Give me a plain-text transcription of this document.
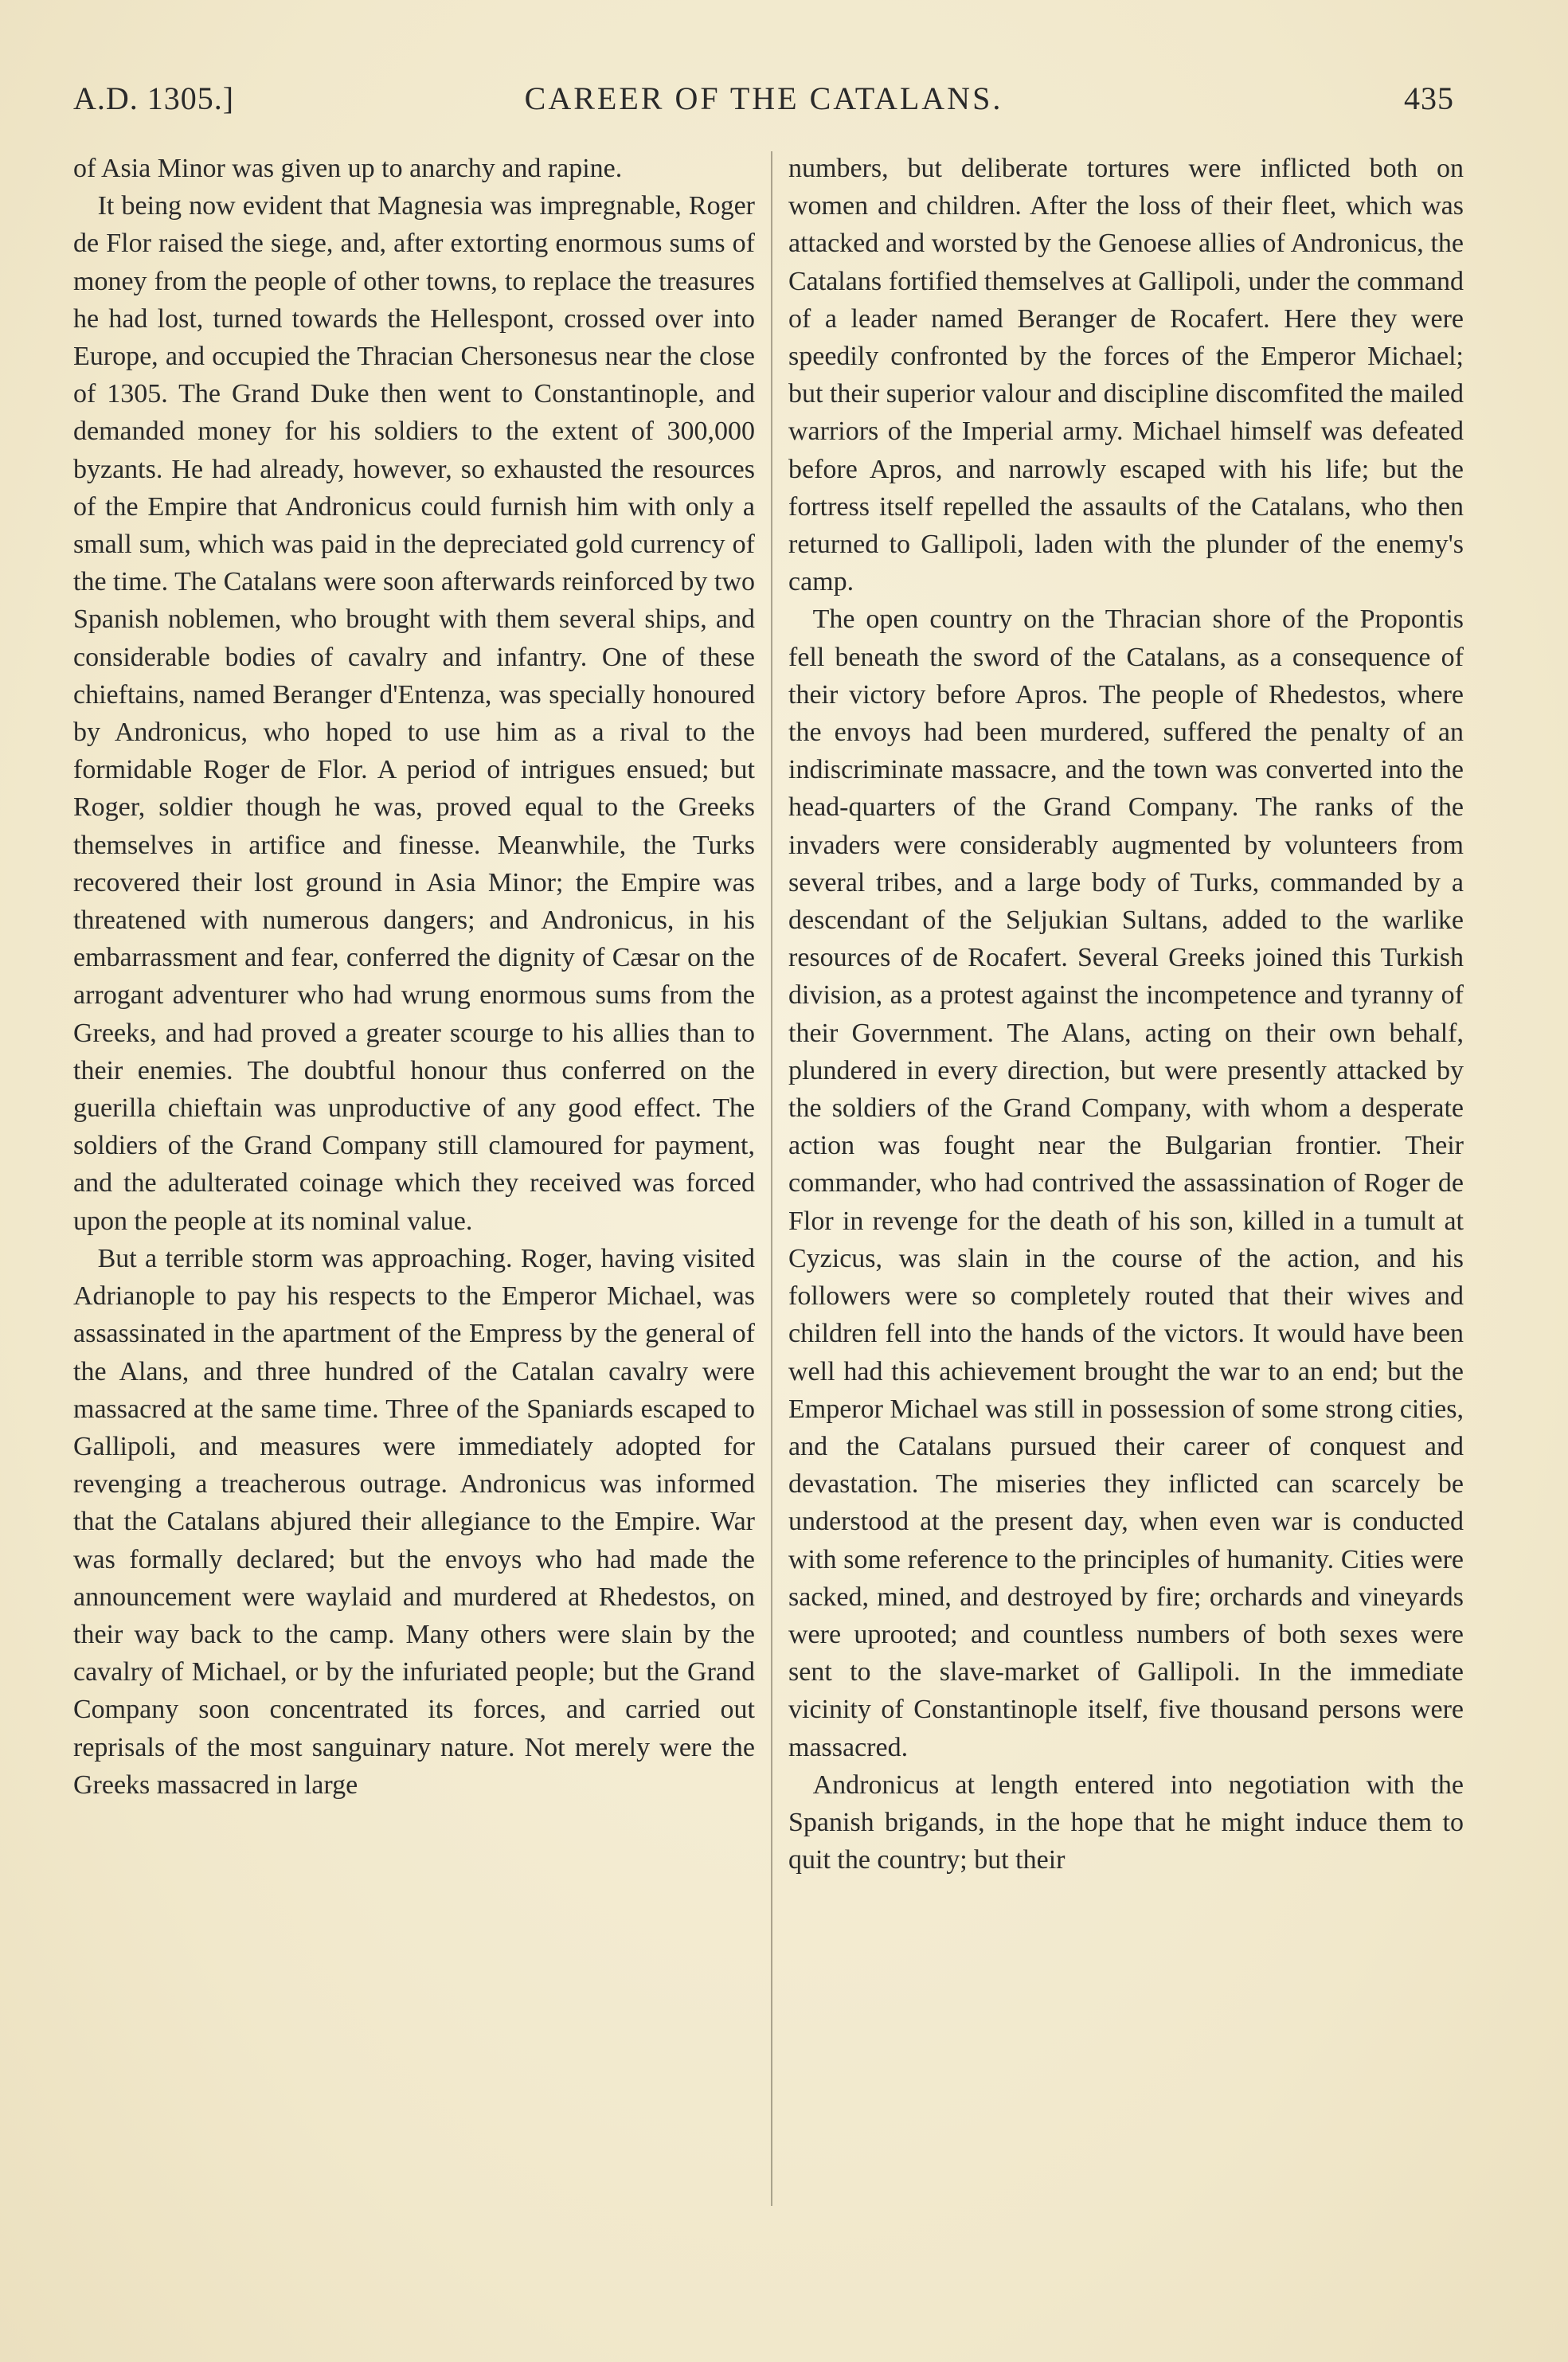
A.D. 1305.]	CAREER OF THE CATALANS.	435

of Asia Minor was given up to anarchy and rapine.

It being now evident that Magnesia was impregnable, Roger de Flor raised the siege, and, after extorting enormous sums of money from the people of other towns, to replace the treasures he had lost, turned towards the Hellespont, crossed over into Europe, and occupied the Thracian Chersonesus near the close of 1305. The Grand Duke then went to Constantinople, and demanded money for his soldiers to the extent of 300,000 byzants. He had already, however, so exhausted the resources of the Empire that Andronicus could furnish him with only a small sum, which was paid in the depreciated gold currency of the time. The Catalans were soon afterwards reinforced by two Spanish noblemen, who brought with them several ships, and considerable bodies of cavalry and infantry. One of these chieftains, named Beranger d'Entenza, was specially honoured by Andronicus, who hoped to use him as a rival to the formidable Roger de Flor. A period of intrigues ensued; but Roger, soldier though he was, proved equal to the Greeks themselves in artifice and finesse. Meanwhile, the Turks recovered their lost ground in Asia Minor; the Empire was threatened with numerous dangers; and Andronicus, in his embarrassment and fear, conferred the dignity of Cæsar on the arrogant adventurer who had wrung enormous sums from the Greeks, and had proved a greater scourge to his allies than to their enemies. The doubtful honour thus conferred on the guerilla chieftain was unproductive of any good effect. The soldiers of the Grand Company still clamoured for payment, and the adulterated coinage which they received was forced upon the people at its nominal value.

But a terrible storm was approaching. Roger, having visited Adrianople to pay his respects to the Emperor Michael, was assassinated in the apartment of the Empress by the general of the Alans, and three hundred of the Catalan cavalry were massacred at the same time. Three of the Spaniards escaped to Gallipoli, and measures were immediately adopted for revenging a treacherous outrage. Andronicus was informed that the Catalans abjured their allegiance to the Empire. War was formally declared; but the envoys who had made the announcement were waylaid and murdered at Rhedestos, on their way back to the camp. Many others were slain by the cavalry of Michael, or by the infuriated people; but the Grand Company soon concentrated its forces, and carried out reprisals of the most sanguinary nature. Not merely were the Greeks massacred in large

numbers, but deliberate tortures were inflicted both on women and children. After the loss of their fleet, which was attacked and worsted by the Genoese allies of Andronicus, the Catalans fortified themselves at Gallipoli, under the command of a leader named Beranger de Rocafert. Here they were speedily confronted by the forces of the Emperor Michael; but their superior valour and discipline discomfited the mailed warriors of the Imperial army. Michael himself was defeated before Apros, and narrowly escaped with his life; but the fortress itself repelled the assaults of the Catalans, who then returned to Gallipoli, laden with the plunder of the enemy's camp.

The open country on the Thracian shore of the Propontis fell beneath the sword of the Catalans, as a consequence of their victory before Apros. The people of Rhedestos, where the envoys had been murdered, suffered the penalty of an indiscriminate massacre, and the town was converted into the head-quarters of the Grand Company. The ranks of the invaders were considerably augmented by volunteers from several tribes, and a large body of Turks, commanded by a descendant of the Seljukian Sultans, added to the warlike resources of de Rocafert. Several Greeks joined this Turkish division, as a protest against the incompetence and tyranny of their Government. The Alans, acting on their own behalf, plundered in every direction, but were presently attacked by the soldiers of the Grand Company, with whom a desperate action was fought near the Bulgarian frontier. Their commander, who had contrived the assassination of Roger de Flor in revenge for the death of his son, killed in a tumult at Cyzicus, was slain in the course of the action, and his followers were so completely routed that their wives and children fell into the hands of the victors. It would have been well had this achievement brought the war to an end; but the Emperor Michael was still in possession of some strong cities, and the Catalans pursued their career of conquest and devastation. The miseries they inflicted can scarcely be understood at the present day, when even war is conducted with some reference to the principles of humanity. Cities were sacked, mined, and destroyed by fire; orchards and vineyards were uprooted; and countless numbers of both sexes were sent to the slave-market of Gallipoli. In the immediate vicinity of Constantinople itself, five thousand persons were massacred.

Andronicus at length entered into negotiation with the Spanish brigands, in the hope that he might induce them to quit the country; but their
